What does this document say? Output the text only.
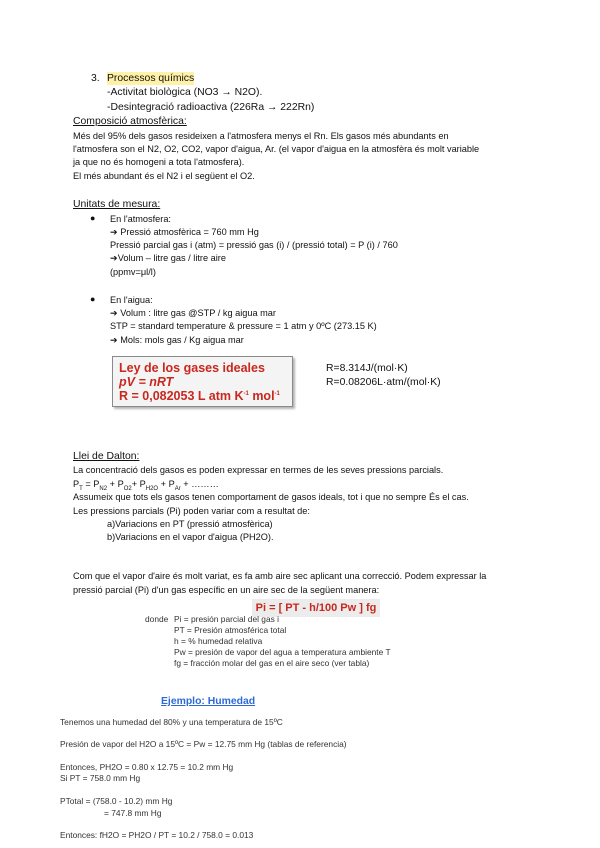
3. Processos químics
-Activitat biològica (NO3 → N2O).
-Desintegració radioactiva (226Ra → 222Rn)
Composició atmosfèrica:
Més del 95% dels gasos resideixen a l'atmosfera menys el Rn. Els gasos més abundants en
l'atmosfera son el N2, O2, CO2, vapor d'aigua, Ar. (el vapor d'aigua en la atmosfèra és molt variable
ja que no és homogeni a tota l'atmosfera).
El més abundant és el N2 i el següent el O2.
Unitats de mesura:
● En l'atmosfera:
➔ Pressió atmosfèrica = 760 mm Hg
Pressió parcial gas i (atm) = pressió gas (i) / (pressió total) = P (i) / 760
➔Volum – litre gas / litre aire
(ppmv=μl/l)
● En l'aigua:
➔ Volum : litre gas @STP / kg aigua mar
STP = standard temperature & pressure = 1 atm y 0ºC (273.15 K)
➔ Mols: mols gas / Kg aigua mar
Ley de los gases ideales
pV = nRT
R = 0,082053 L atm $K^{-1}$ mol$^{-1}$
R=8.314J/(mol·K)
R=0.08206L·atm/(mol·K)
Llei de Dalton:
La concentració dels gasos es poden expressar en termes de les seves pressions parcials.
$P_T = P_{N2} + P_{O2}+ P_{H2O} + P_{Ar}$ + ………
Assumeix que tots els gasos tenen comportament de gasos ideals, tot i que no sempre És el cas.
Les pressions parcials (Pi) poden variar com a resultat de:
a)Variacions en PT (pressió atmosfèrica)
b)Variacions en el vapor d'aigua (PH2O).
Com que el vapor d'aire és molt variat, es fa amb aire sec aplicant una correcció. Podem expressar la
pressió parcial (Pi) d'un gas específic en un aire sec de la següent manera:
Pi = [ PT - h/100 Pw ] fg
donde Pi = presión parcial del gas i
PT = Presión atmosférica total
h = % humedad relativa
Pw = presión de vapor del agua a temperatura ambiente T
fg = fracción molar del gas en el aire seco (ver tabla)
Ejemplo: Humedad
Tenemos una humedad del 80% y una temperatura de 15ºC
Presión de vapor del H2O a 15ºC = Pw = 12.75 mm Hg (tablas de referencia)
Entonces, PH2O = 0.80 x 12.75 = 10.2 mm Hg
Si PT = 758.0 mm Hg
PTotal = (758.0 - 10.2) mm Hg
= 747.8 mm Hg
Entonces: fH2O = PH2O / PT = 10.2 / 758.0 = 0.013
